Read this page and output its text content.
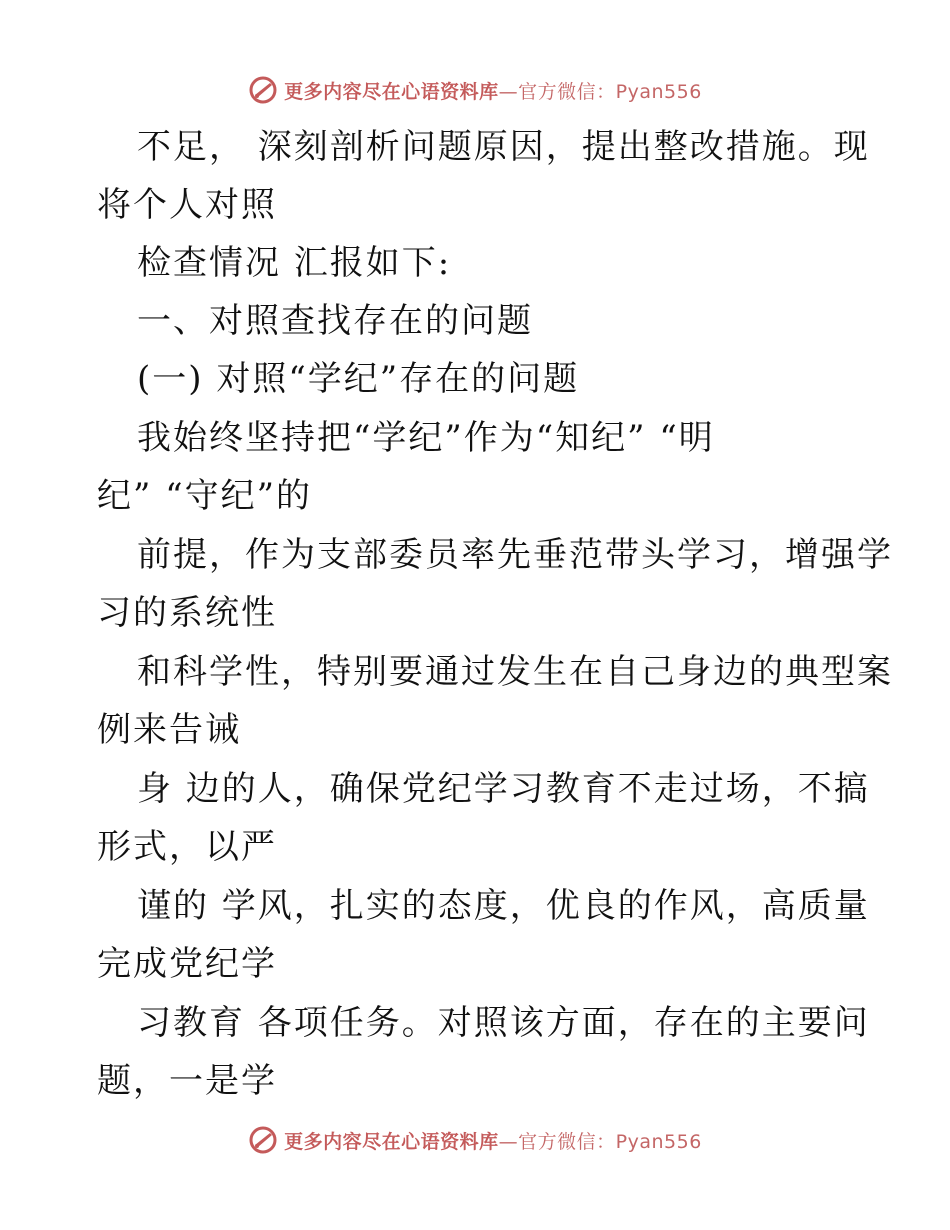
更多内容尽在心语资料库—官方微信：Pyan556
不足， 深刻剖析问题原因，提出整改措施。现
将个人对照
检查情况 汇报如下:
一、对照查找存在的问题
(一) 对照“学纪”存在的问题
我始终坚持把“学纪”作为“知纪” “明
纪” “守纪”的
前提，作为支部委员率先垂范带头学习，增强学
习的系统性
和科学性，特别要通过发生在自己身边的典型案
例来告诫
身 边的人，确保党纪学习教育不走过场，不搞
形式，以严
谨的 学风，扎实的态度，优良的作风，高质量
完成党纪学
习教育 各项任务。对照该方面，存在的主要问
题，一是学
更多内容尽在心语资料库—官方微信：Pyan556
